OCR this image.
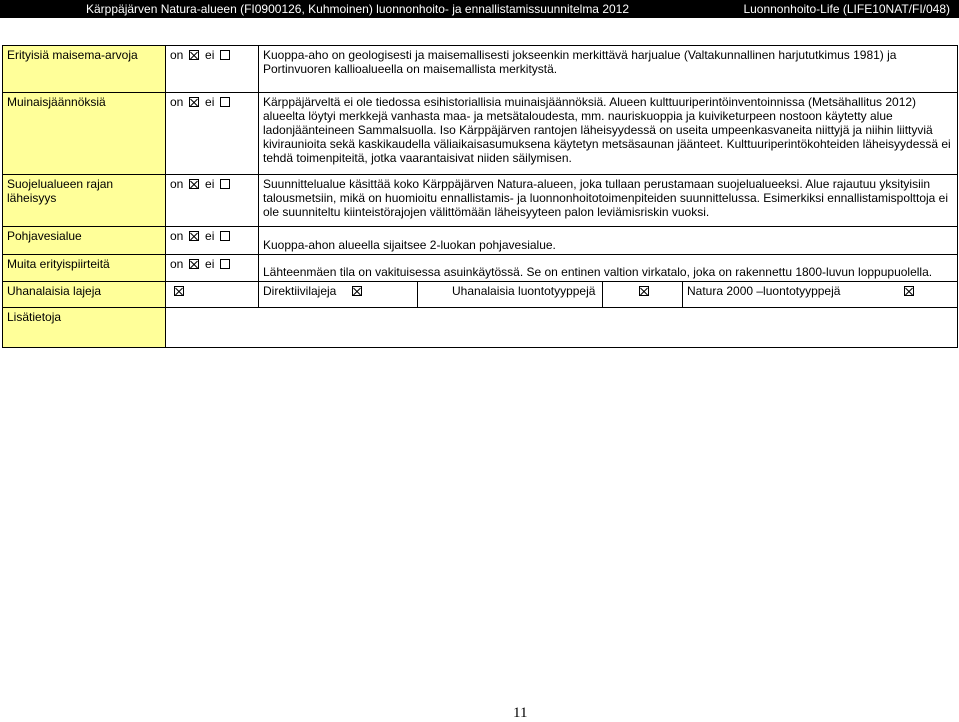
Kärppäjärven Natura-alueen (FI0900126, Kuhmoinen) luonnonhoito- ja ennallistamissuunnitelma 2012	Luonnonhoito-Life (LIFE10NAT/FI/048)
Erityisiä maisema-arvoja	on ei	Kuoppa-aho on geologisesti ja maisemallisesti jokseenkin merkittävä harjualue (Valtakunnallinen harjututkimus 1981) ja Portinvuoren kallioalueella on maisemallista merkitystä.			

Muinaisjäännöksiä	on ei	Kärppäjärveltä ei ole tiedossa esihistoriallisia muinaisjäännöksiä. Alueen kulttuuriperintöinventoinnissa (Metsähallitus 2012) alueelta löytyi merkkejä vanhasta maa- ja metsätaloudesta, mm. nauriskuoppia ja kuiviketurpeen nostoon käytetty alue ladonjäänteineen Sammalsuolla. Iso Kärppäjärven rantojen läheisyydessä on useita umpeenkasvaneita niittyjä ja niihin liittyviä kiviraunioita sekä kaskikaudella väliaikaisasumuksena käytetyn metsäsaunan jäänteet. Kulttuuriperintökohteiden läheisyydessä ei tehdä toimenpiteitä, jotka vaarantaisivat niiden säilymisen.			

Suojelualueen rajan läheisyys	on ei	Suunnittelualue käsittää koko Kärppäjärven Natura-alueen, joka tullaan perustamaan suojelualueeksi. Alue rajautuu yksityisiin talousmetsiin, mikä on huomioitu ennallistamis- ja luonnonhoitotoimenpiteiden suunnittelussa. Esimerkiksi ennallistamispolttoja ei ole suunniteltu kiinteistörajojen välittömään läheisyyteen palon leviämisriskin vuoksi.			

Pohjavesialue	on ei	Kuoppa-ahon alueella sijaitsee 2-luokan pohjavesialue.			

Muita erityispiirteitä	on ei	Lähteenmäen tila on vakituisessa asuinkäytössä. Se on entinen valtion virkatalo, joka on rakennettu 1800-luvun loppupuolella.			

Uhanalaisia lajeja		Direktiivilajeja	Uhanalaisia luontotyyppejä		Natura 2000 –luontotyyppejä
Lisätietoja					
11
